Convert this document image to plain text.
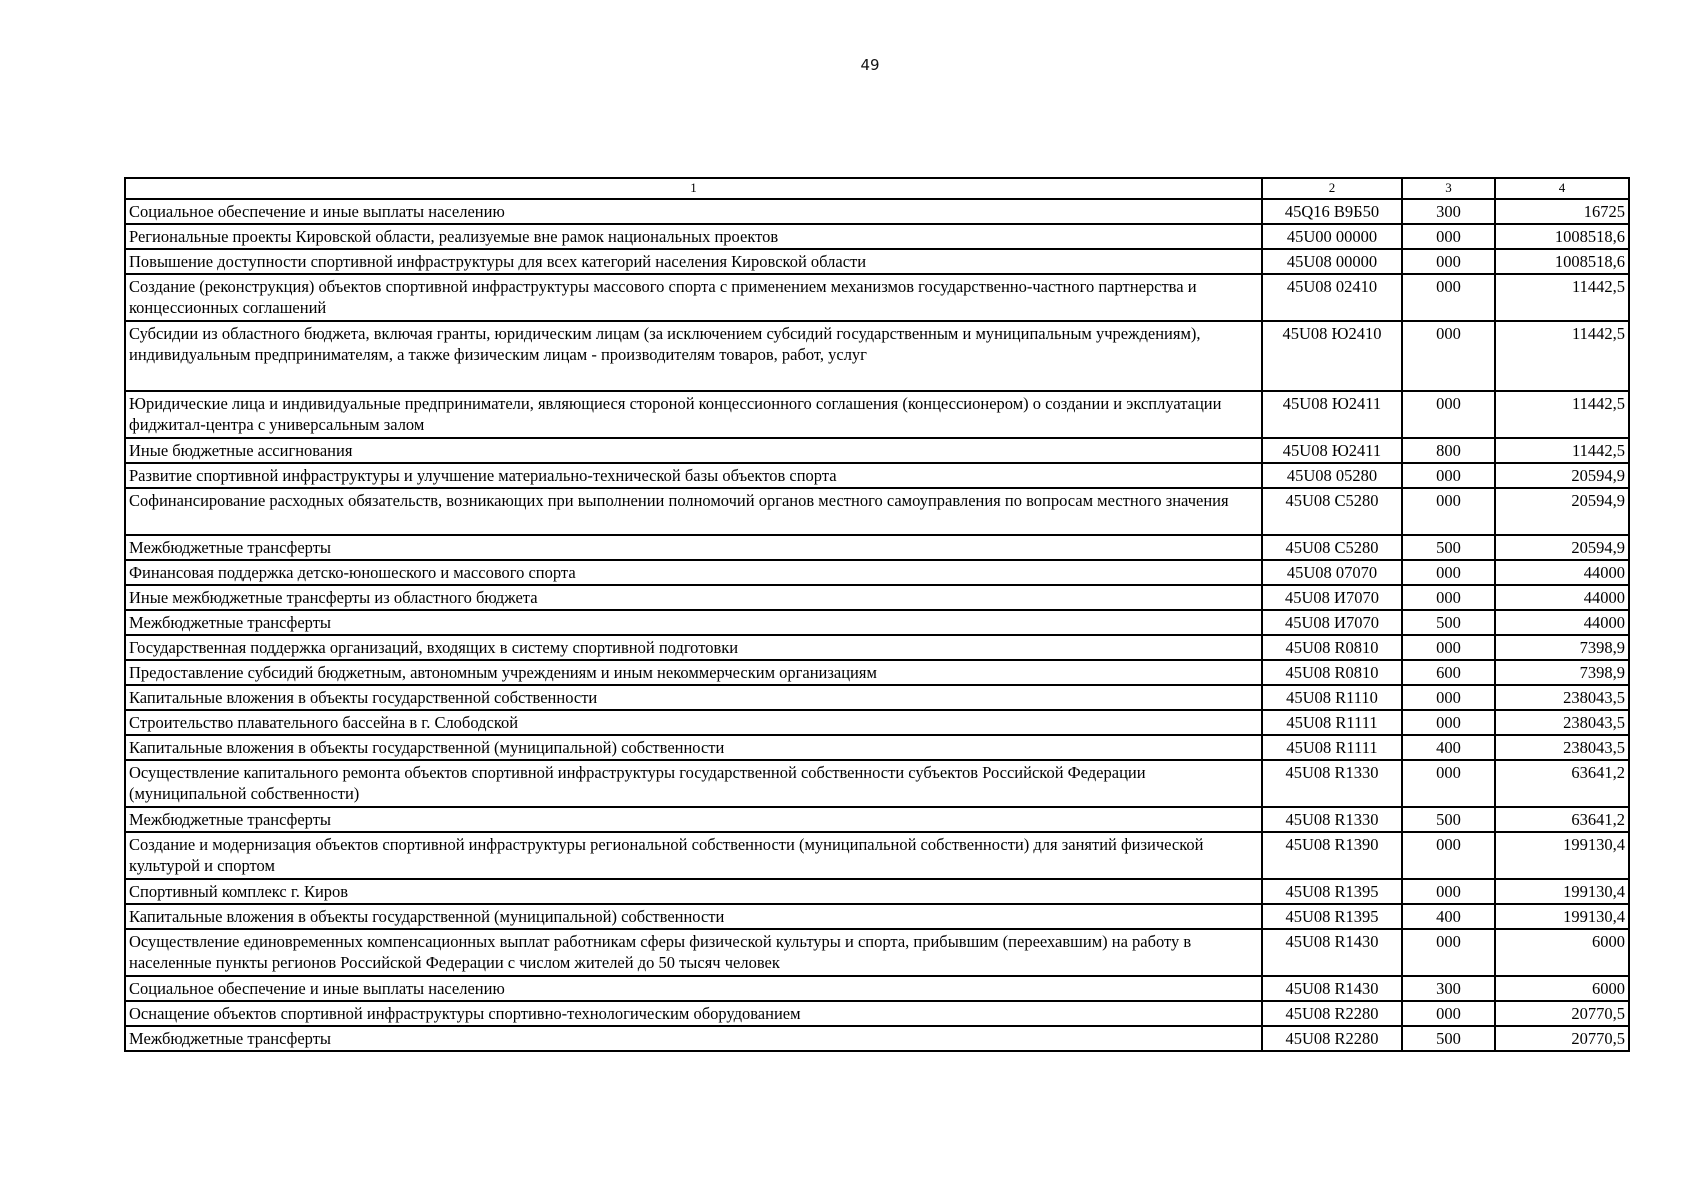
49
1	2	3	4
Социальное обеспечение и иные выплаты населению	45Q16 В9Б50	300	16725
Региональные проекты Кировской области, реализуемые вне рамок национальных проектов	45U00 00000	000	1008518,6
Повышение доступности спортивной инфраструктуры для всех категорий населения Кировской области	45U08 00000	000	1008518,6
Создание (реконструкция) объектов спортивной инфраструктуры массового спорта с применением механизмов государственно-частного партнерства и концессионных соглашений	45U08 02410	000	11442,5
Субсидии из областного бюджета, включая гранты, юридическим лицам (за исключением субсидий государственным и муниципальным учреждениям), индивидуальным предпринимателям, а также физическим лицам - производителям товаров, работ, услуг	45U08 Ю2410	000	11442,5
Юридические лица и индивидуальные предприниматели, являющиеся стороной концессионного соглашения (концессионером) о создании и эксплуатации фиджитал-центра с универсальным залом	45U08 Ю2411	000	11442,5
Иные бюджетные ассигнования	45U08 Ю2411	800	11442,5
Развитие спортивной инфраструктуры и улучшение материально-технической базы объектов спорта	45U08 05280	000	20594,9
Софинансирование расходных обязательств, возникающих при выполнении полномочий органов местного самоуправления по вопросам местного значения	45U08 С5280	000	20594,9
Межбюджетные трансферты	45U08 С5280	500	20594,9
Финансовая поддержка детско-юношеского и массового спорта	45U08 07070	000	44000
Иные межбюджетные трансферты из областного бюджета	45U08 И7070	000	44000
Межбюджетные трансферты	45U08 И7070	500	44000
Государственная поддержка организаций, входящих в систему спортивной подготовки	45U08 R0810	000	7398,9
Предоставление субсидий бюджетным, автономным учреждениям и иным некоммерческим организациям	45U08 R0810	600	7398,9
Капитальные вложения в объекты государственной собственности	45U08 R1110	000	238043,5
Строительство плавательного бассейна в г. Слободской	45U08 R1111	000	238043,5
Капитальные вложения в объекты государственной (муниципальной) собственности	45U08 R1111	400	238043,5
Осуществление капитального ремонта объектов спортивной инфраструктуры государственной собственности субъектов Российской Федерации (муниципальной собственности)	45U08 R1330	000	63641,2
Межбюджетные трансферты	45U08 R1330	500	63641,2
Создание и модернизация объектов спортивной инфраструктуры региональной собственности (муниципальной собственности) для занятий физической культурой и спортом	45U08 R1390	000	199130,4
Спортивный комплекс г. Киров	45U08 R1395	000	199130,4
Капитальные вложения в объекты государственной (муниципальной) собственности	45U08 R1395	400	199130,4
Осуществление единовременных компенсационных выплат работникам сферы физической культуры и спорта, прибывшим (переехавшим) на работу в населенные пункты регионов Российской Федерации с числом жителей до 50 тысяч человек	45U08 R1430	000	6000
Социальное обеспечение и иные выплаты населению	45U08 R1430	300	6000
Оснащение объектов спортивной инфраструктуры спортивно-технологическим оборудованием	45U08 R2280	000	20770,5
Межбюджетные трансферты	45U08 R2280	500	20770,5
